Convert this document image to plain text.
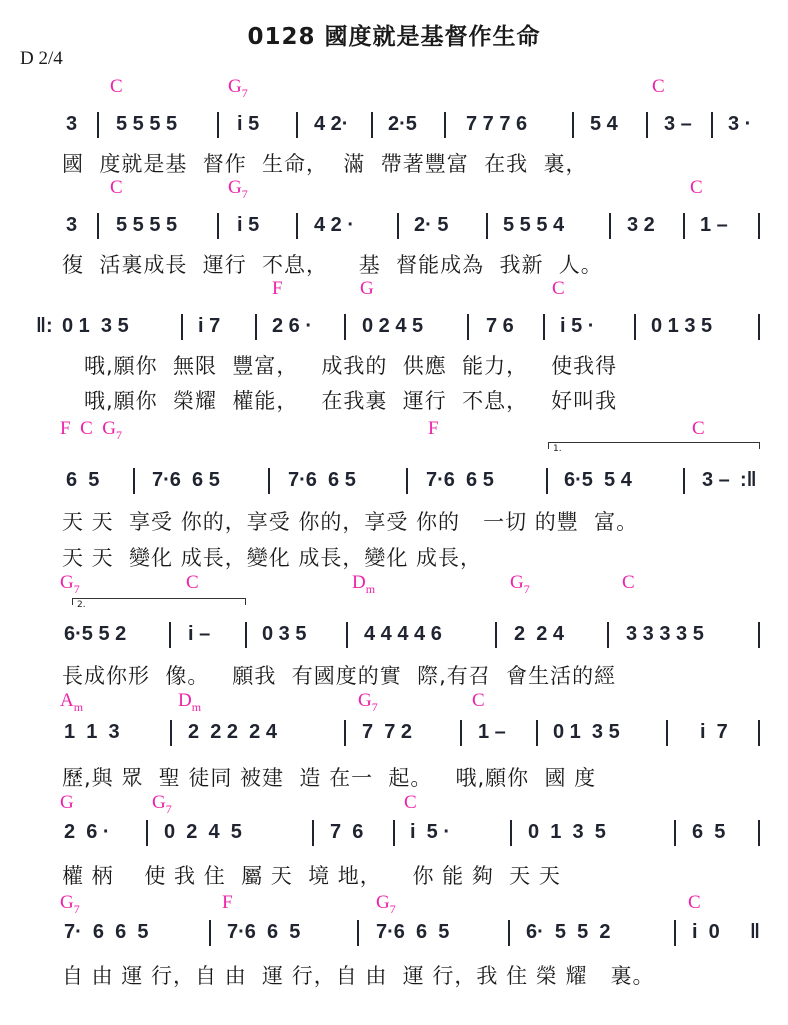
0128 國度就是基督作生命
D 2/4
C	$G_7$	C
3 5 5 5 5	i 5	4 2· 2·5 7 7 7 6	5 4 3 – 3 ·
國  度就是基  督作  生命，  滿  帶著豐富  在我  裏，
C	$G_7$	C
3 5 5 5 5	i 5	4 2 ·	2· 5	5 5 5 4	3 2 1 –
復  活裏成長  運行  不息，    基  督能成為  我新  人。
F	G	C
‖: 0 1  3 5	i 7	2 6 · 0 2 4 5	7 6 i 5 ·	0 1 3 5
哦,願你  無限  豐富，   成我的  供應  能力，   使我得
哦,願你  榮耀  權能，   在我裏  運行  不息，   好叫我
F C $G_7$	F	C
1.
6  5	7·6  6 5	7·6  6 5	7·6  6 5	6·5  5 4	3 – :‖
天 天  享受 你的，享受 你的，享受 你的   一切 的豐  富。
天 天  變化 成長，變化 成長，變化 成長，
$G_7$	C	$D_m$	$G_7$	C
2.
6·5 5 2	i –	0 3 5	4 4 4 4 6	2  2 4	3 3 3 3 5
長成你形  像。   願我  有國度的實  際,有召  會生活的經
$A_m$	$D_m$	$G_7$	C
1  1  3	2  2 2  2 4	7  7 2	1 – 0 1  3 5	i  7
歷,與 眾  聖 徒同 被建  造 在一  起。   哦,願你  國 度
G	$G_7$	C
2  6 ·	0  2  4  5	7  6 i  5 ·	0  1  3  5	6  5
權 柄    使 我 住  屬 天  境 地，    你 能 夠  天 天
$G_7$	F	$G_7$	C
7·  6  6  5	7·6  6  5	7·6  6  5	6·  5  5  2	i  0 ‖
自 由 運 行，自 由  運 行，自 由  運 行，我 住 榮 耀   裏。
